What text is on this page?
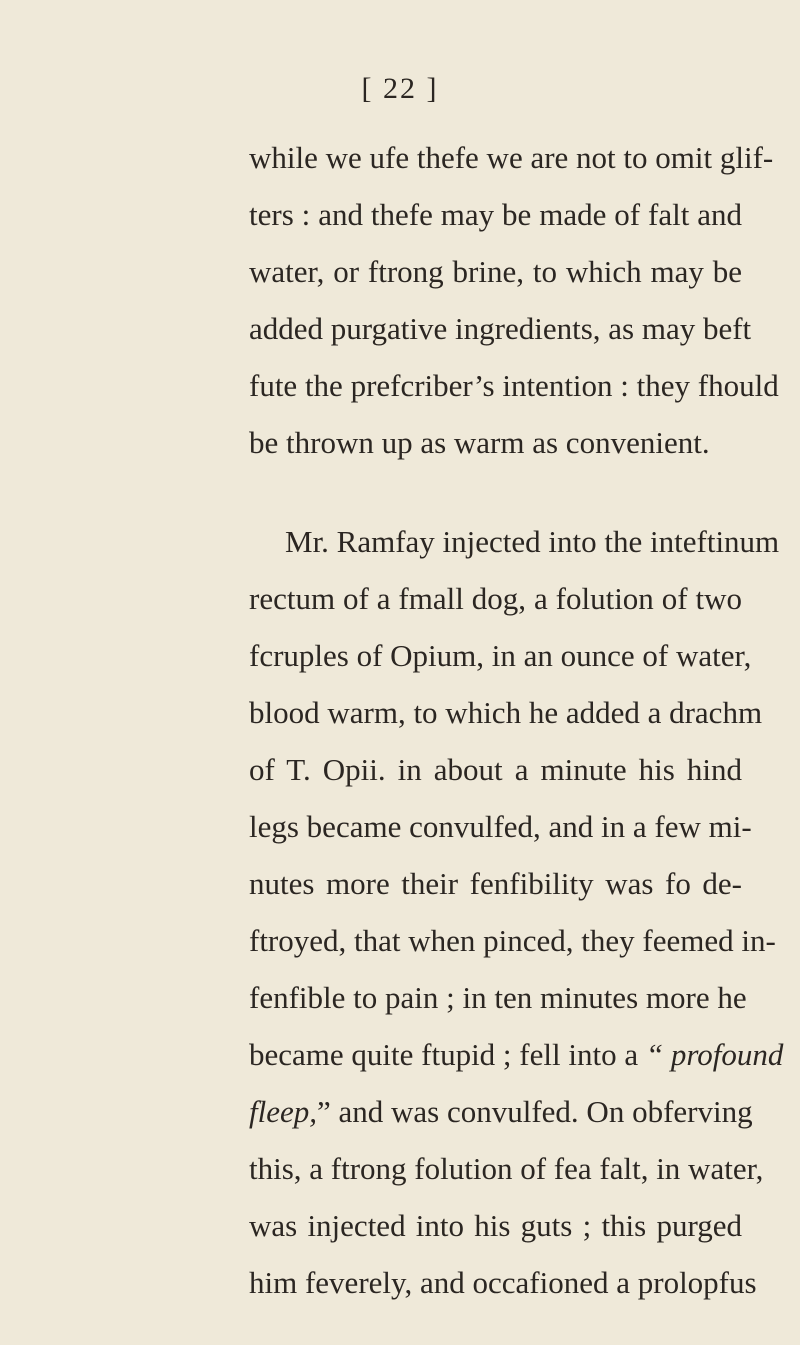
[ 22 ]
while we ufe thefe we are not to omit glif-
ters : and thefe may be made of falt and
water, or ftrong brine, to which may be
added purgative ingredients, as may beft
fute the prefcriber’s intention : they fhould
be thrown up as warm as convenient.
Mr. Ramfay injected into the inteftinum
rectum of a fmall dog, a folution of two
fcruples of Opium, in an ounce of water,
blood warm, to which he added a drachm
of T. Opii. in about a minute his hind
legs became convulfed, and in a few mi-
nutes more their fenfibility was fo de-
ftroyed, that when pinced, they feemed in-
fenfible to pain ; in ten minutes more he
became quite ftupid ; fell into a “ profound
fleep,” and was convulfed. On obferving
this, a ftrong folution of fea falt, in water,
was injected into his guts ; this purged
him feverely, and occafioned a prolopfus
